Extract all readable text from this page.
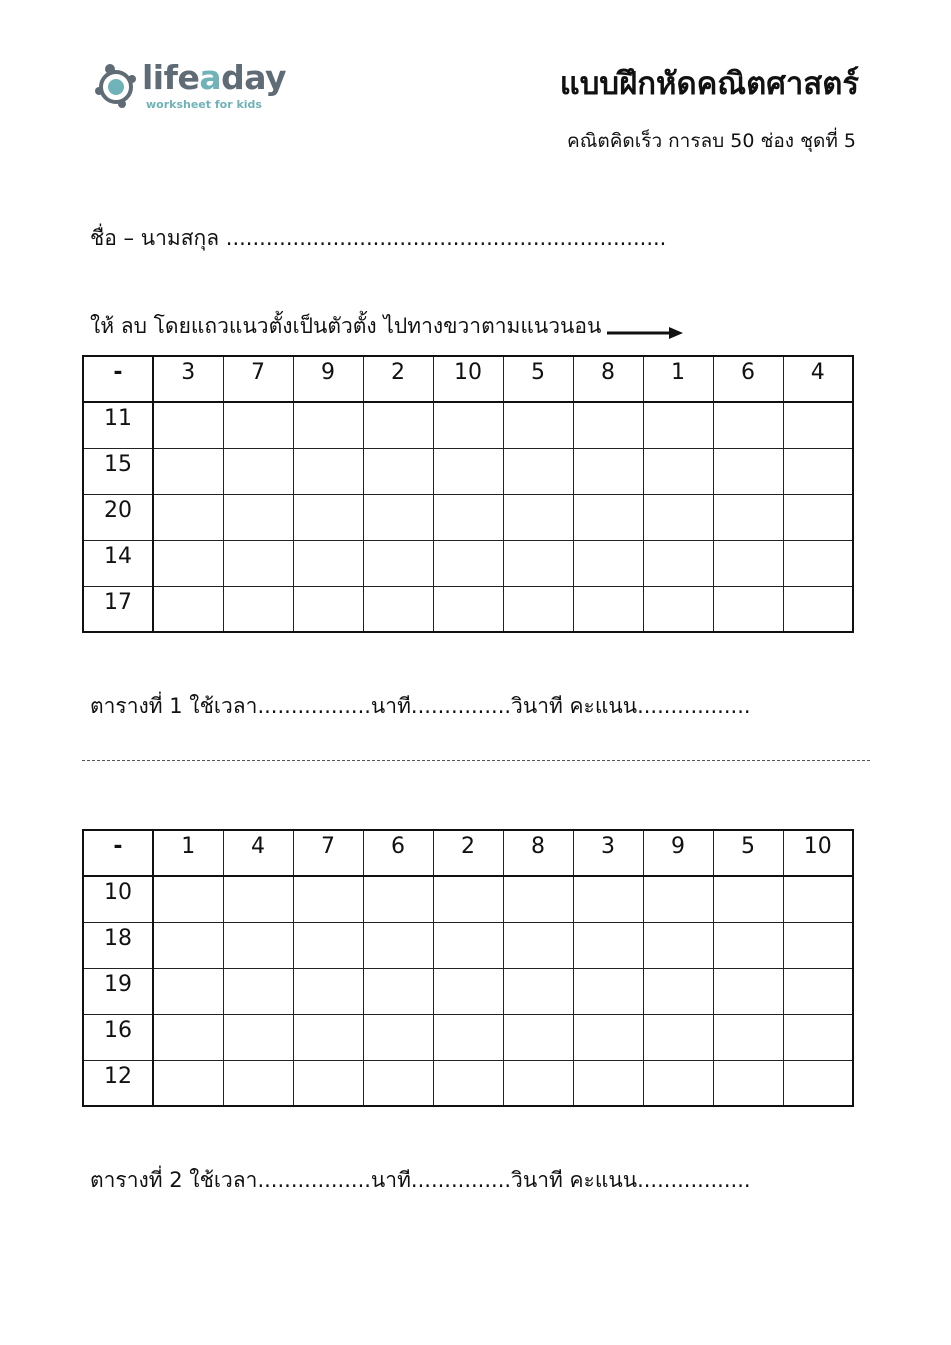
lifeaday
worksheet for kids
แบบฝึกหัดคณิตศาสตร์
คณิตคิดเร็ว การลบ 50 ช่อง ชุดที่ 5
ชื่อ – นามสกุล ..................................................................
ให้ ลบ โดยแถวแนวตั้งเป็นตัวตั้ง ไปทางขวาตามแนวนอน
-	3	7	9	2	10	5	8	1	6	4
11										
15										
20										
14										
17										
ตารางที่ 1 ใช้เวลา.................นาที...............วินาที คะแนน.................
-	1	4	7	6	2	8	3	9	5	10
10										
18										
19										
16										
12										
ตารางที่ 2 ใช้เวลา.................นาที...............วินาที คะแนน.................
